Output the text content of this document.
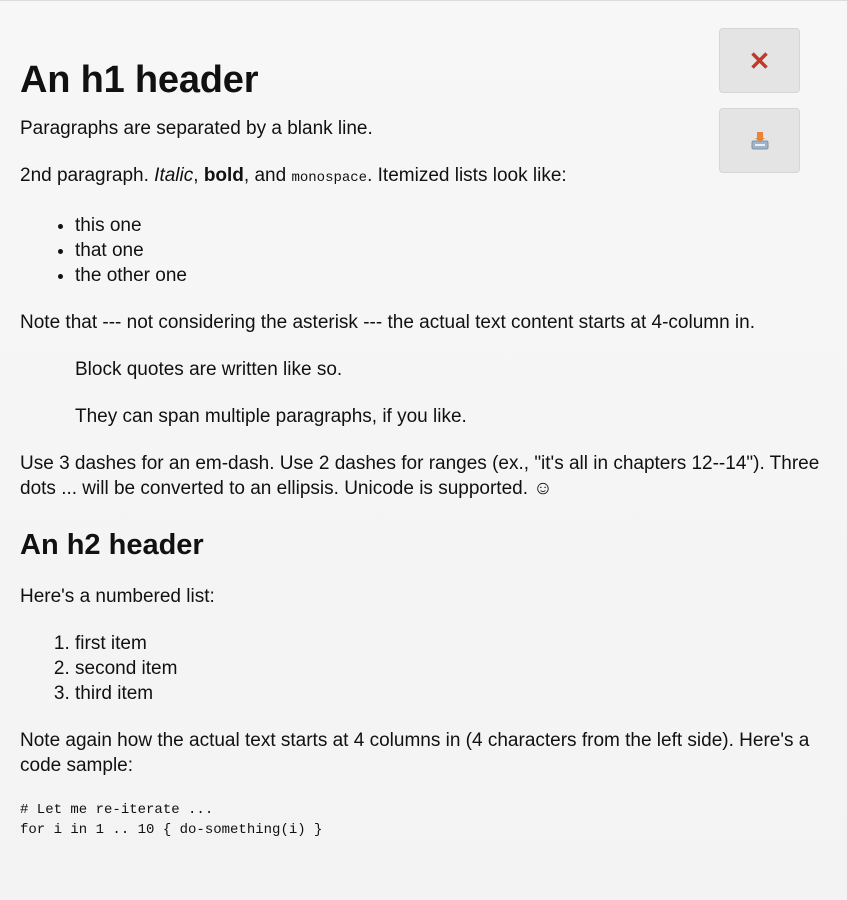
An h1 header

Paragraphs are separated by a blank line.

2nd paragraph. Italic, bold, and monospace. Itemized lists look like:

• this one
• that one
• the other one

Note that --- not considering the asterisk --- the actual text content starts at 4-column in.

Block quotes are written like so.

They can span multiple paragraphs, if you like.

Use 3 dashes for an em-dash. Use 2 dashes for ranges (ex., "it's all in chapters 12--14"). Three dots ... will be converted to an ellipsis. Unicode is supported. ☺

An h2 header

Here's a numbered list:

1. first item
2. second item
3. third item

Note again how the actual text starts at 4 columns in (4 characters from the left side). Here's a code sample:

# Let me re-iterate ...
for i in 1 .. 10 { do-something(i) }
✕
